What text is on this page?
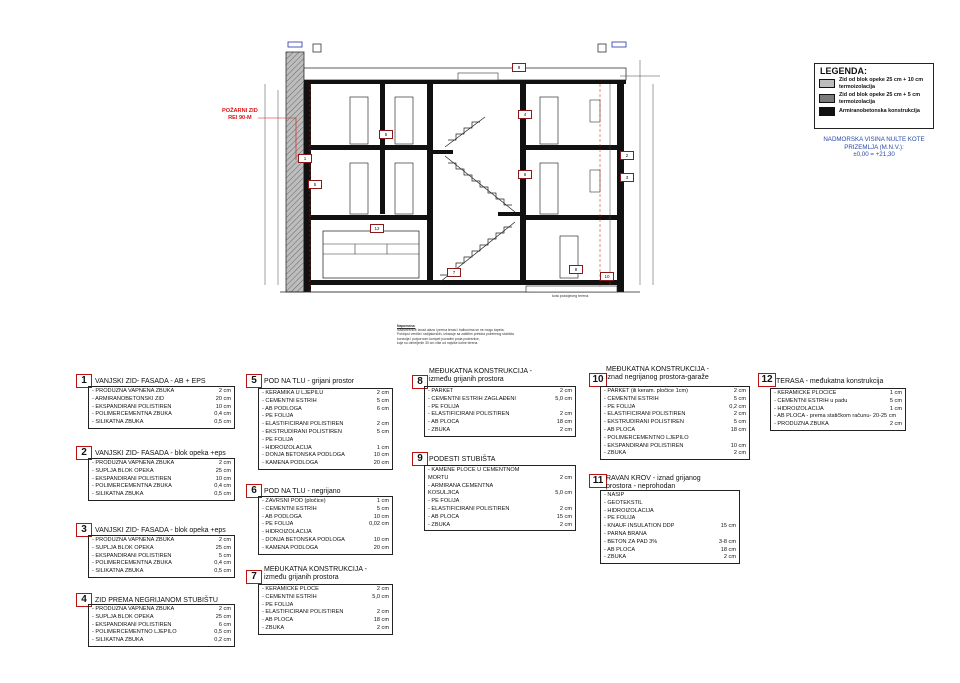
9
4
5
1
2
3
6
12
7
8
10
5
POŽARNI ZID
REI 90-M
kota postojećeg terena
Napomena:
Nadstrešnice iznad ulaza i prema terasi i balkonima se ne mogu tapeta.
Poklopci ventila i radijatorskih, izbacuje sa zaštitim pretoka potrebnog stubišta
konzolja i potpornom kompet pozadini poda podesnice,
koje su otmeljenih 30 cm više od najviše kotne terena.
LEGENDA:
Zid od blok opeke 25 cm + 10 cm termoizolacija
Zid od blok opeke 25 cm + 5 cm termoizolacija
Armiranobetonska konstrukcija
NADMORSKA VISINA NULTE KOTE
PRIZEMLJA (M.N.V.):
±0,00 = +21,30
1	VANJSKI ZID- FASADA - AB + EPS
- PRODUŽNA VAPNENA ŽBUKA	2 cm
- ARMIRANOBETONSKI ZID	20 cm
- EKSPANDIRANI POLISTIREN	10 cm
- POLIMERCEMENTNA ŽBUKA	0,4 cm
- SILIKATNA ŽBUKA	0,5 cm
2	VANJSKI ZID- FASADA - blok opeka +eps
- PRODUŽNA VAPNENA ŽBUKA	2 cm
- ŠUPLJA BLOK OPEKA	25 cm
- EKSPANDIRANI POLISTIREN	10 cm
- POLIMERCEMENTNA ŽBUKA	0,4 cm
- SILIKATNA ŽBUKA	0,5 cm
3	VANJSKI ZID- FASADA - blok opeka +eps
- PRODUŽNA VAPNENA ŽBUKA	2 cm
- ŠUPLJA BLOK OPEKA	25 cm
- EKSPANDIRANI POLISTIREN	5 cm
- POLIMERCEMENTNA ŽBUKA	0,4 cm
- SILIKATNA ŽBUKA	0,5 cm
4	ZID PREMA NEGRIJANOM STUBIŠTU
- PRODUŽNA VAPNENA ŽBUKA	2 cm
- ŠUPLJA BLOK OPEKA	25 cm
- EKSPANDIRANI POLISTIREN	6 cm
- POLIMERCEMENTNO LJEPILO	0,5 cm
- SILIKATNA ŽBUKA	0,2 cm
5	POD NA TLU - grijani prostor
- KERAMIKA U LJEPILU	2 cm
- CEMENTNI ESTRIH	5 cm
- AB PODLOGA	6 cm
- PE FOLIJA
- ELASTIFICIRANI POLISTIREN	2 cm
- EKSTRUDIRANI POLISTIREN	5 cm
- PE FOLIJA
- HIDROIZOLACIJA	1 cm
- DONJA BETONSKA PODLOGA	10 cm
- KAMENA PODLOGA	20 cm
6	POD NA TLU - negrijano
- ZAVRŠNI POD (pločice)	1 cm
- CEMENTNI ESTRIH	5 cm
- AB PODLOGA	10 cm
- PE FOLIJA	0,02 cm
- HIDROIZOLACIJA
- DONJA BETONSKA PODLOGA	10 cm
- KAMENA PODLOGA	20 cm
7
MEĐUKATNA KONSTRUKCIJA -
između grijanih prostora
- KERAMIČKE PLOČE	2 cm
- CEMENTNI ESTRIH	5,0 cm
- PE FOLIJA
- ELASTIFICIRANI POLISTIREN	2 cm
- AB PLOČA	18 cm
- ŽBUKA	2 cm
8
MEĐUKATNA KONSTRUKCIJA -
između grijanih prostora
- PARKET	2 cm
- CEMENTNI ESTRIH ZAGLAĐENI	5,0 cm
- PE FOLIJA
- ELASTIFICIRANI POLISTIREN	2 cm
- AB PLOČA	18 cm
- ŽBUKA	2 cm
9 PODESTI STUBIŠTA
- KAMENE PLOČE U CEMENTNOM
MORTU	2 cm
- ARMIRANA CEMENTNA
KOŠULJICA	5,0 cm
- PE FOLIJA
- ELASTIFICIRANI POLISTIREN	2 cm
- AB PLOČA	15 cm
- ŽBUKA	2 cm
10
MEĐUKATNA KONSTRUKCIJA -
iznad negrijanog prostora-garaže
- PARKET (ili keram. pločice 1cm)	2 cm
- CEMENTNI ESTRIH	5 cm
- PE FOLIJA	0,2 cm
- ELASTIFICIRANI POLISTIREN	2 cm
- EKSTRUDIRANI POLISTIREN	5 cm
- AB PLOČA	18 cm
- POLIMERCEMENTNO LJEPILO
- EKSPANDIRANI POLISTIREN	10 cm
- ŽBUKA	2 cm
11 RAVAN KROV - iznad grijanog
prostora - neprohodan
- NASIP
- GEOTEKSTIL
- HIDROIZOLACIJA
- PE FOLIJA
- KNAUF INSULATION DDP	15 cm
- PARNA BRANA
- BETON ZA PAD 3%	3-8 cm
- AB PLOČA	18 cm
- ŽBUKA	2 cm
12 TERASA - međukatna konstrukcija
- KERAMIČKE PLOČICE	1 cm
- CEMENTNI ESTRIH u padu	5 cm
- HIDROIZOLACIJA	1 cm
- AB PLOČA - prema statičkom računu- 20-25 cm
- PRODUŽNA ŽBUKA	2 cm
